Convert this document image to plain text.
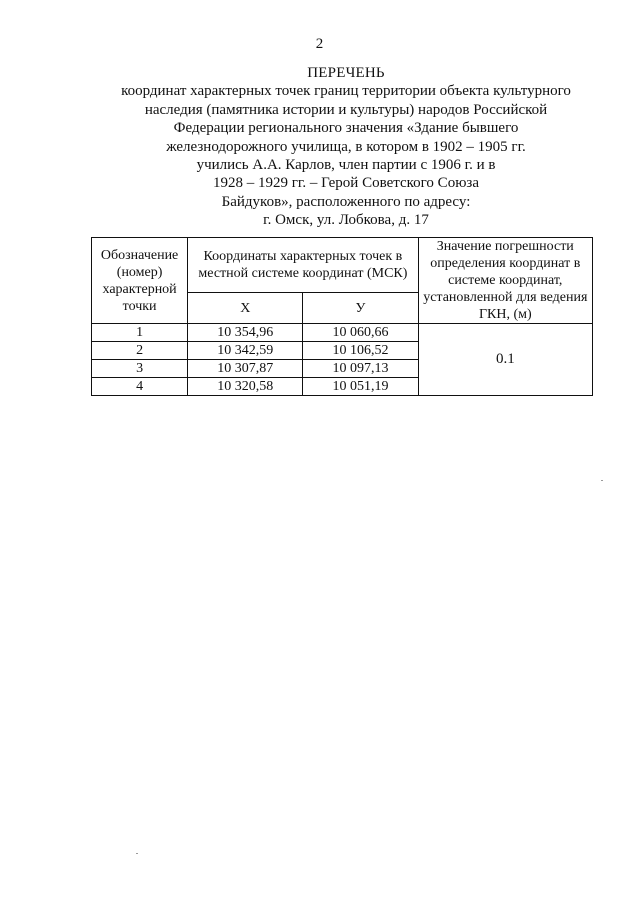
2
ПЕРЕЧЕНЬ
координат характерных точек границ территории объекта культурного
наследия (памятника истории и культуры) народов Российской
Федерации регионального значения «Здание бывшего
железнодорожного училища, в котором в 1902 – 1905 гг.
учились А.А. Карлов, член партии с 1906 г. и в
1928 – 1929 гг. – Герой Советского Союза
Байдуков», расположенного по адресу:
г. Омск, ул. Лобкова, д. 17
Обозначение (номер) характерной точки	Координаты характерных точек в местной системе координат (МСК)		Значение погрешности определения координат в системе координат, установленной для ведения ГКН, (м)
	X	У	
1	10 354,96	10 060,66	0.1
2	10 342,59	10 106,52	
3	10 307,87	10 097,13	
4	10 320,58	10 051,19	
